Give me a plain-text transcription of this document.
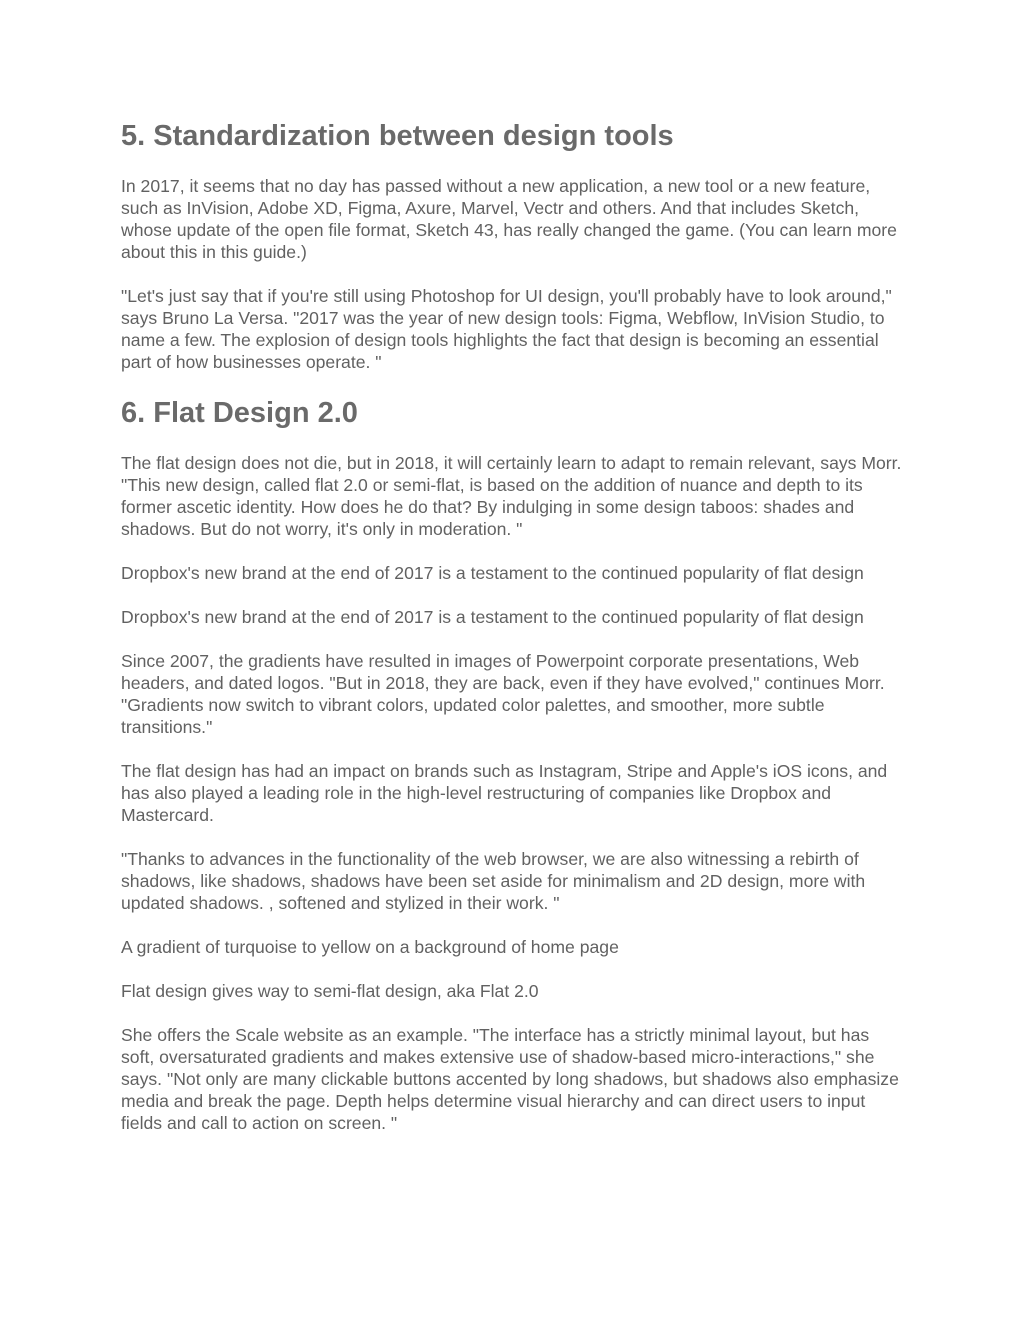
5. Standardization between design tools

In 2017, it seems that no day has passed without a new application, a new tool or a new feature, such as InVision, Adobe XD, Figma, Axure, Marvel, Vectr and others. And that includes Sketch, whose update of the open file format, Sketch 43, has really changed the game. (You can learn more about this in this guide.)

"Let's just say that if you're still using Photoshop for UI design, you'll probably have to look around," says Bruno La Versa. "2017 was the year of new design tools: Figma, Webflow, InVision Studio, to name a few. The explosion of design tools highlights the fact that design is becoming an essential part of how businesses operate. "

6. Flat Design 2.0

The flat design does not die, but in 2018, it will certainly learn to adapt to remain relevant, says Morr. "This new design, called flat 2.0 or semi-flat, is based on the addition of nuance and depth to its former ascetic identity. How does he do that? By indulging in some design taboos: shades and shadows. But do not worry, it's only in moderation. "

Dropbox's new brand at the end of 2017 is a testament to the continued popularity of flat design

Dropbox's new brand at the end of 2017 is a testament to the continued popularity of flat design

Since 2007, the gradients have resulted in images of Powerpoint corporate presentations, Web headers, and dated logos. "But in 2018, they are back, even if they have evolved," continues Morr. "Gradients now switch to vibrant colors, updated color palettes, and smoother, more subtle transitions."

The flat design has had an impact on brands such as Instagram, Stripe and Apple's iOS icons, and has also played a leading role in the high-level restructuring of companies like Dropbox and Mastercard.

"Thanks to advances in the functionality of the web browser, we are also witnessing a rebirth of shadows, like shadows, shadows have been set aside for minimalism and 2D design, more with updated shadows. , softened and stylized in their work. "

A gradient of turquoise to yellow on a background of home page

Flat design gives way to semi-flat design, aka Flat 2.0

She offers the Scale website as an example. "The interface has a strictly minimal layout, but has soft, oversaturated gradients and makes extensive use of shadow-based micro-interactions," she says. "Not only are many clickable buttons accented by long shadows, but shadows also emphasize media and break the page. Depth helps determine visual hierarchy and can direct users to input fields and call to action on screen. "
